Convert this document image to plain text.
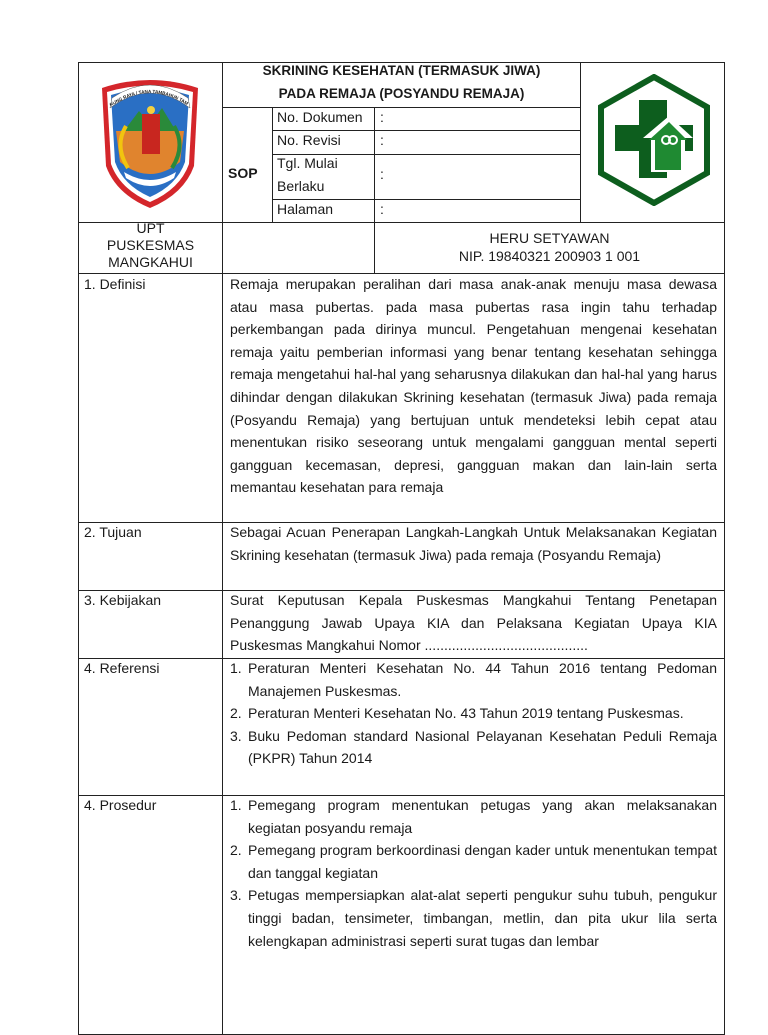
SKRINING KESEHATAN (TERMASUK JIWA)
PADA REMAJA (POSYANDU REMAJA)
SOP
No. Dokumen :
No. Revisi	:
Tgl. Mulai Berlaku
:
Halaman	:
RUNG RAYA / TANA TAMBAHUN TAM
UPT
PUSKESMAS
MANGKAHUI
HERU SETYAWAN
NIP. 19840321 200903 1 001
1. Definisi	Remaja merupakan peralihan dari masa anak-anak menuju masa dewasa atau masa pubertas. pada masa pubertas rasa ingin tahu terhadap perkembangan pada dirinya muncul. Pengetahuan mengenai kesehatan remaja yaitu pemberian informasi yang benar tentang kesehatan sehingga remaja mengetahui hal-hal yang seharusnya dilakukan dan hal-hal yang harus dihindar dengan dilakukan Skrining kesehatan (termasuk Jiwa) pada remaja (Posyandu Remaja) yang bertujuan untuk mendeteksi lebih cepat atau menentukan risiko seseorang untuk mengalami gangguan mental seperti gangguan kecemasan, depresi, gangguan makan dan lain-lain serta memantau kesehatan para remaja
2. Tujuan	Sebagai Acuan Penerapan Langkah-Langkah Untuk Melaksanakan Kegiatan Skrining kesehatan (termasuk Jiwa) pada remaja (Posyandu Remaja)
3. Kebijakan	Surat Keputusan Kepala Puskesmas Mangkahui Tentang Penetapan Penanggung Jawab Upaya KIA dan Pelaksana Kegiatan Upaya KIA Puskesmas Mangkahui Nomor ..........................................
4. Referensi	1. Peraturan Menteri Kesehatan No. 44 Tahun 2016 tentang Pedoman Manajemen Puskesmas.
2. Peraturan Menteri Kesehatan No. 43 Tahun 2019 tentang Puskesmas.
3. Buku Pedoman standard Nasional Pelayanan Kesehatan Peduli Remaja (PKPR) Tahun 2014
4. Prosedur	1. Pemegang program menentukan petugas yang akan melaksanakan kegiatan posyandu remaja
2. Pemegang program berkoordinasi dengan kader untuk menentukan tempat dan tanggal kegiatan
3. Petugas mempersiapkan alat-alat seperti pengukur suhu tubuh, pengukur tinggi badan, tensimeter, timbangan, metlin, dan pita ukur lila serta kelengkapan administrasi seperti surat tugas dan lembar
